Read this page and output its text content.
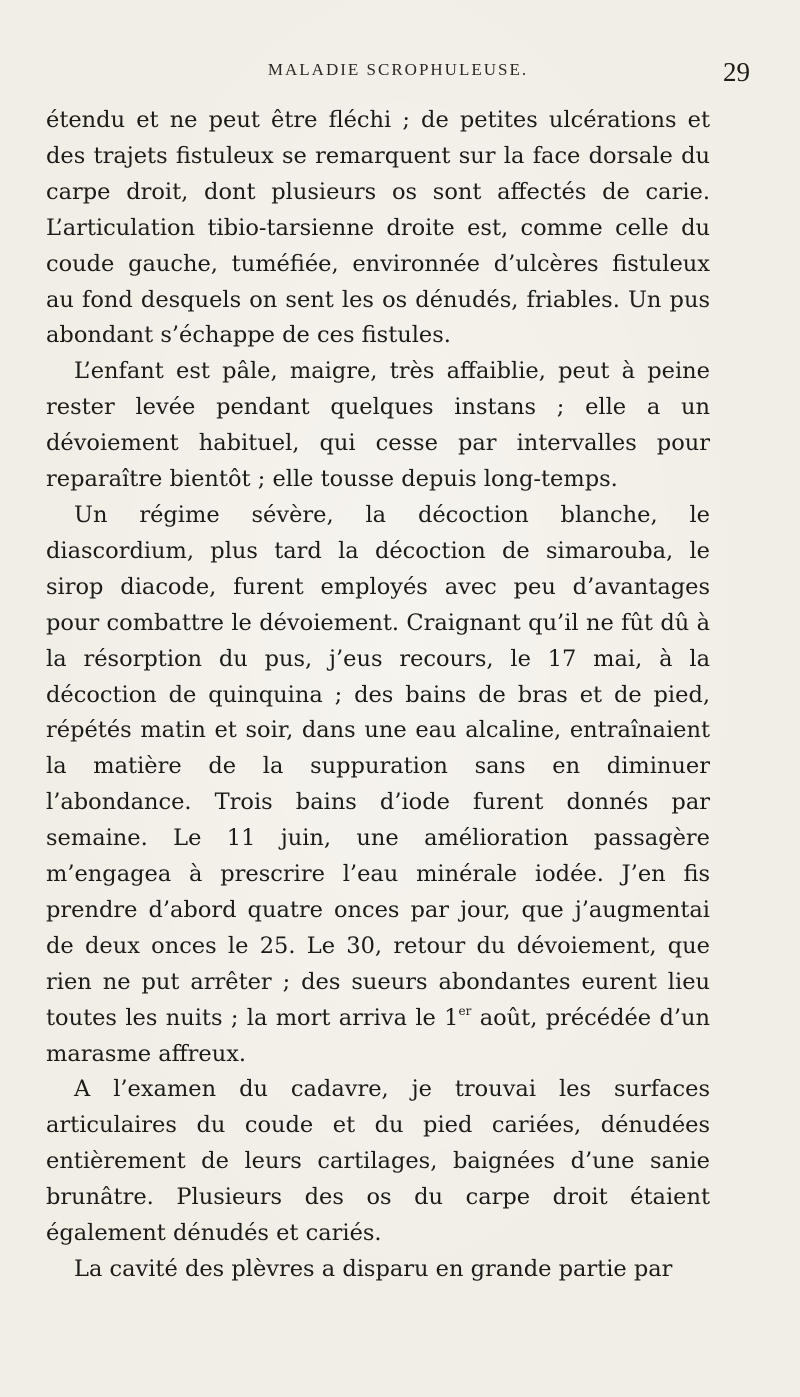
MALADIE SCROPHULEUSE.	29

étendu et ne peut être fléchi ; de petites ulcérations et des trajets fistuleux se remarquent sur la face dorsale du carpe droit, dont plusieurs os sont affectés de carie. L’articulation tibio-tarsienne droite est, comme celle du coude gauche, tuméfiée, environnée d’ulcères fistuleux au fond desquels on sent les os dénudés, friables. Un pus abondant s’échappe de ces fistules.

L’enfant est pâle, maigre, très affaiblie, peut à peine rester levée pendant quelques instans ; elle a un dévoiement habituel, qui cesse par intervalles pour reparaître bientôt ; elle tousse depuis long-temps.

Un régime sévère, la décoction blanche, le diascordium, plus tard la décoction de simarouba, le sirop diacode, furent employés avec peu d’avantages pour combattre le dévoiement. Craignant qu’il ne fût dû à la résorption du pus, j’eus recours, le 17 mai, à la décoction de quinquina ; des bains de bras et de pied, répétés matin et soir, dans une eau alcaline, entraînaient la matière de la suppuration sans en diminuer l’abondance. Trois bains d’iode furent donnés par semaine. Le 11 juin, une amélioration passagère m’engagea à prescrire l’eau minérale iodée. J’en fis prendre d’abord quatre onces par jour, que j’augmentai de deux onces le 25. Le 30, retour du dévoiement, que rien ne put arrêter ; des sueurs abondantes eurent lieu toutes les nuits ; la mort arriva le 1er août, précédée d’un marasme affreux.

A l’examen du cadavre, je trouvai les surfaces articulaires du coude et du pied cariées, dénudées entièrement de leurs cartilages, baignées d’une sanie brunâtre. Plusieurs des os du carpe droit étaient également dénudés et cariés.

La cavité des plèvres a disparu en grande partie par
